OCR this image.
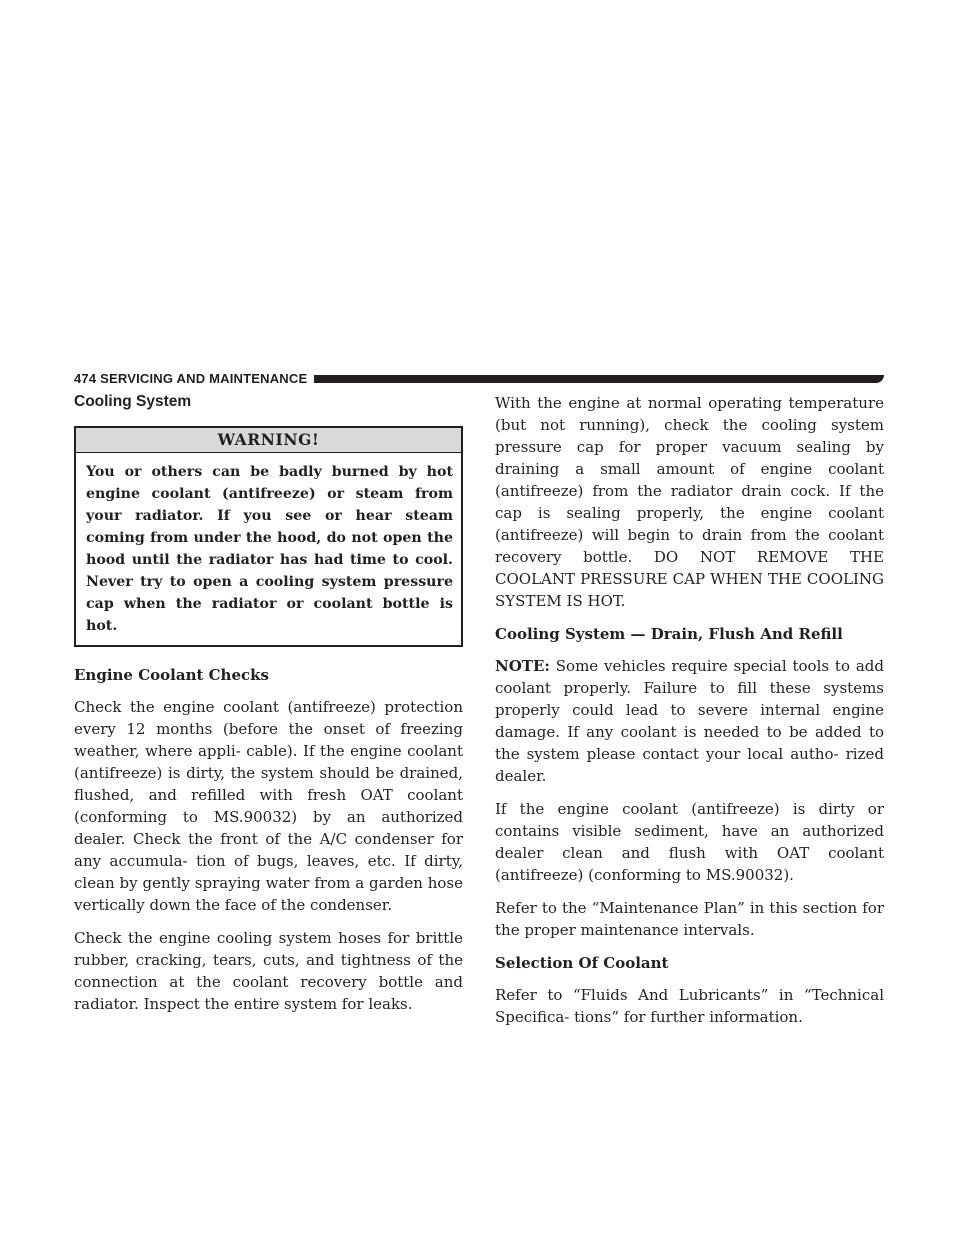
474 SERVICING AND MAINTENANCE
Cooling System
WARNING!
You or others can be badly burned by hot engine coolant (antifreeze) or steam from your radiator. If you see or hear steam coming from under the hood, do not open the hood until the radiator has had time to cool. Never try to open a cooling system pressure cap when the radiator or coolant bottle is hot.
Engine Coolant Checks

Check the engine coolant (antifreeze) protection every 12 months (before the onset of freezing weather, where appli- cable). If the engine coolant (antifreeze) is dirty, the system should be drained, flushed, and refilled with fresh OAT coolant (conforming to MS.90032) by an authorized dealer. Check the front of the A/C condenser for any accumula- tion of bugs, leaves, etc. If dirty, clean by gently spraying water from a garden hose vertically down the face of the condenser.

Check the engine cooling system hoses for brittle rubber, cracking, tears, cuts, and tightness of the connection at the coolant recovery bottle and radiator. Inspect the entire system for leaks.

With the engine at normal operating temperature (but not running), check the cooling system pressure cap for proper vacuum sealing by draining a small amount of engine coolant (antifreeze) from the radiator drain cock. If the cap is sealing properly, the engine coolant (antifreeze) will begin to drain from the coolant recovery bottle. DO NOT REMOVE THE COOLANT PRESSURE CAP WHEN THE COOLING SYSTEM IS HOT.

Cooling System — Drain, Flush And Refill

NOTE: Some vehicles require special tools to add coolant properly. Failure to fill these systems properly could lead to severe internal engine damage. If any coolant is needed to be added to the system please contact your local autho- rized dealer.

If the engine coolant (antifreeze) is dirty or contains visible sediment, have an authorized dealer clean and flush with OAT coolant (antifreeze) (conforming to MS.90032).

Refer to the “Maintenance Plan” in this section for the proper maintenance intervals.

Selection Of Coolant

Refer to “Fluids And Lubricants” in “Technical Specifica- tions” for further information.
